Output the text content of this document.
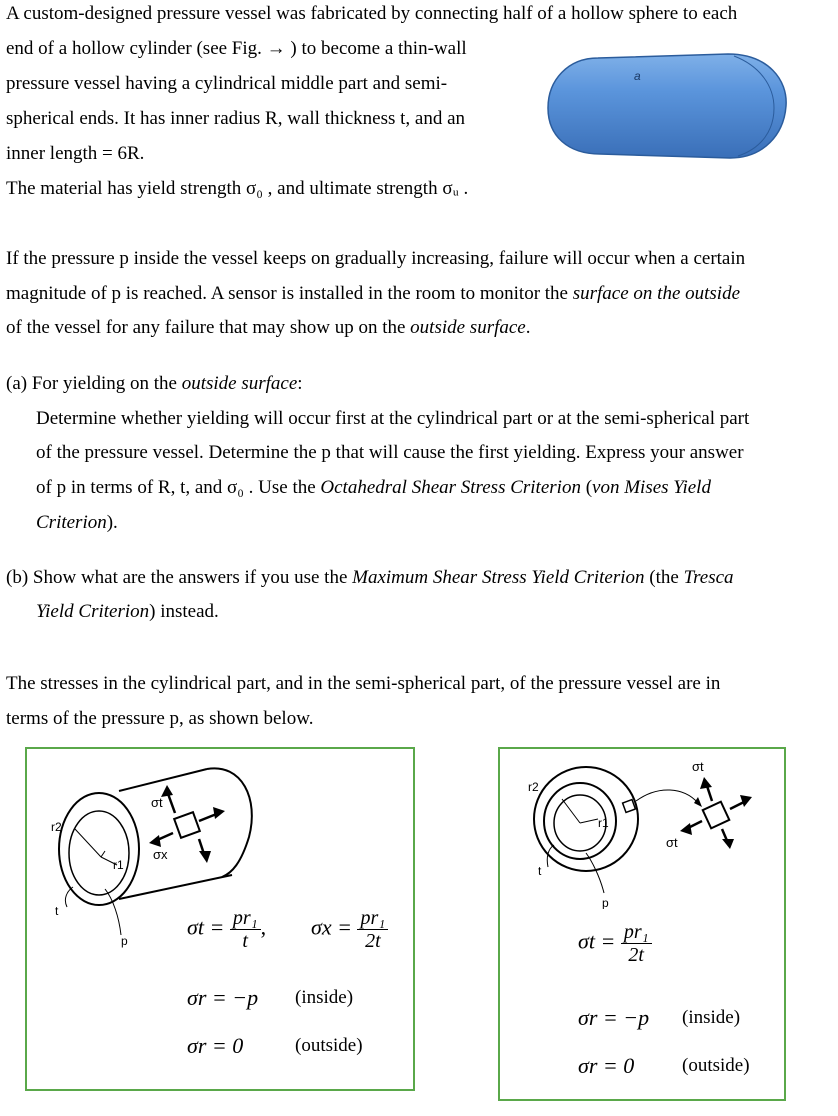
A custom-designed pressure vessel was fabricated by connecting half of a hollow sphere to each
end of a hollow cylinder (see Fig. → ) to become a thin-wall
pressure vessel having a cylindrical middle part and semi-
spherical ends. It has inner radius R, wall thickness t, and an
inner length = 6R.
The material has yield strength σ₀ , and ultimate strength σᵤ .
a
If the pressure p inside the vessel keeps on gradually increasing, failure will occur when a certain
magnitude of p is reached. A sensor is installed in the room to monitor the surface on the outside
of the vessel for any failure that may show up on the outside surface.
(a) For yielding on the outside surface:
Determine whether yielding will occur first at the cylindrical part or at the semi-spherical part
of the pressure vessel. Determine the p that will cause the first yielding. Express your answer
of p in terms of R, t, and σ₀ . Use the Octahedral Shear Stress Criterion (von Mises Yield
Criterion).
(b) Show what are the answers if you use the Maximum Shear Stress Yield Criterion (the Tresca
Yield Criterion) instead.
The stresses in the cylindrical part, and in the semi-spherical part, of the pressure vessel are in
terms of the pressure p, as shown below.
σt
σx
r2
r1
t
p
$\sigma t = \frac{\text{pr₁}}{t}$ , $\sigma x = \frac{\text{pr₁}}{2t}$
σr = −p (inside)
σr = 0	(outside)
σt
σt
r2
r1
t
p
$\sigma t = \frac{\text{pr₁}}{2t}$
σr = −p (inside)
σr = 0	(outside)
